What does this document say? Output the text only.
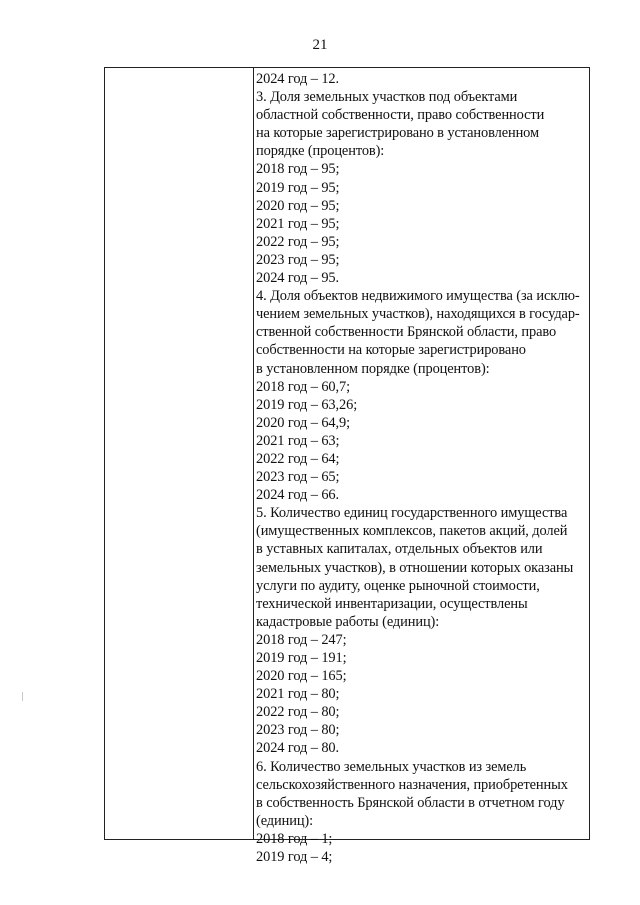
21
2024 год – 12.
3. Доля земельных участков под объектами
областной собственности, право собственности
на которые зарегистрировано в установленном
порядке (процентов):
2018 год – 95;
2019 год – 95;
2020 год – 95;
2021 год – 95;
2022 год – 95;
2023 год – 95;
2024 год – 95.
4. Доля объектов недвижимого имущества (за исклю-
чением земельных участков), находящихся в государ-
ственной собственности Брянской области, право
собственности на которые зарегистрировано
в установленном порядке (процентов):
2018 год – 60,7;
2019 год – 63,26;
2020 год – 64,9;
2021 год – 63;
2022 год – 64;
2023 год – 65;
2024 год – 66.
5. Количество единиц государственного имущества
(имущественных комплексов, пакетов акций, долей
в уставных капиталах, отдельных объектов или
земельных участков), в отношении которых оказаны
услуги по аудиту, оценке рыночной стоимости,
технической инвентаризации, осуществлены
кадастровые работы (единиц):
2018 год – 247;
2019 год – 191;
2020 год – 165;
2021 год – 80;
2022 год – 80;
2023 год – 80;
2024 год – 80.
6. Количество земельных участков из земель
сельскохозяйственного назначения, приобретенных
в собственность Брянской области в отчетном году
(единиц):
2018 год – 1;
2019 год – 4;
